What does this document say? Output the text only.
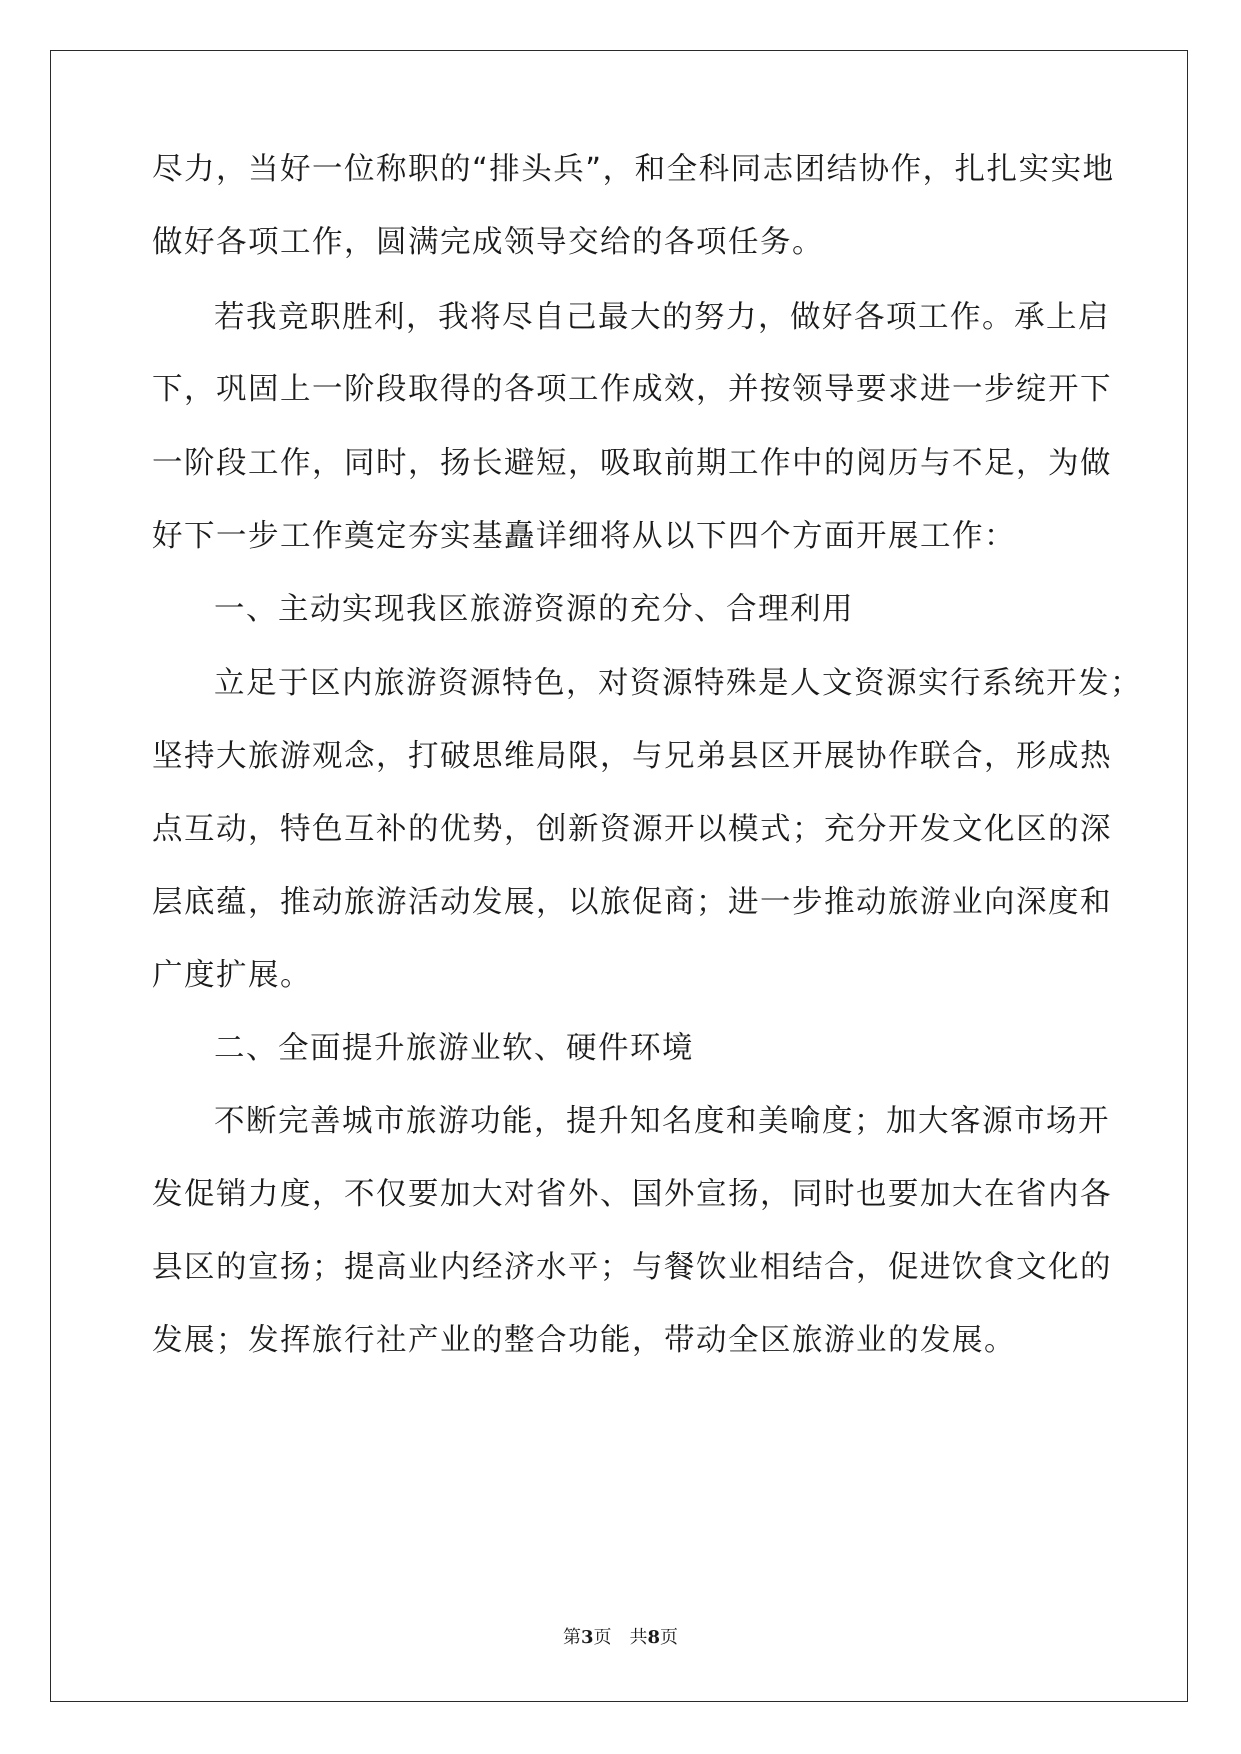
尽力，当好一位称职的“排头兵”，和全科同志团结协作，扎扎实实地

做好各项工作，圆满完成领导交给的各项任务。

若我竞职胜利，我将尽自己最大的努力，做好各项工作。承上启

下，巩固上一阶段取得的各项工作成效，并按领导要求进一步绽开下

一阶段工作，同时，扬长避短，吸取前期工作中的阅历与不足，为做

好下一步工作奠定夯实基矗详细将从以下四个方面开展工作：

一、主动实现我区旅游资源的充分、合理利用

立足于区内旅游资源特色，对资源特殊是人文资源实行系统开发；

坚持大旅游观念，打破思维局限，与兄弟县区开展协作联合，形成热

点互动，特色互补的优势，创新资源开以模式；充分开发文化区的深

层底蕴，推动旅游活动发展，以旅促商；进一步推动旅游业向深度和

广度扩展。

二、全面提升旅游业软、硬件环境

不断完善城市旅游功能，提升知名度和美喻度；加大客源市场开

发促销力度，不仅要加大对省外、国外宣扬，同时也要加大在省内各

县区的宣扬；提高业内经济水平；与餐饮业相结合，促进饮食文化的

发展；发挥旅行社产业的整合功能，带动全区旅游业的发展。

第3页 共8页
